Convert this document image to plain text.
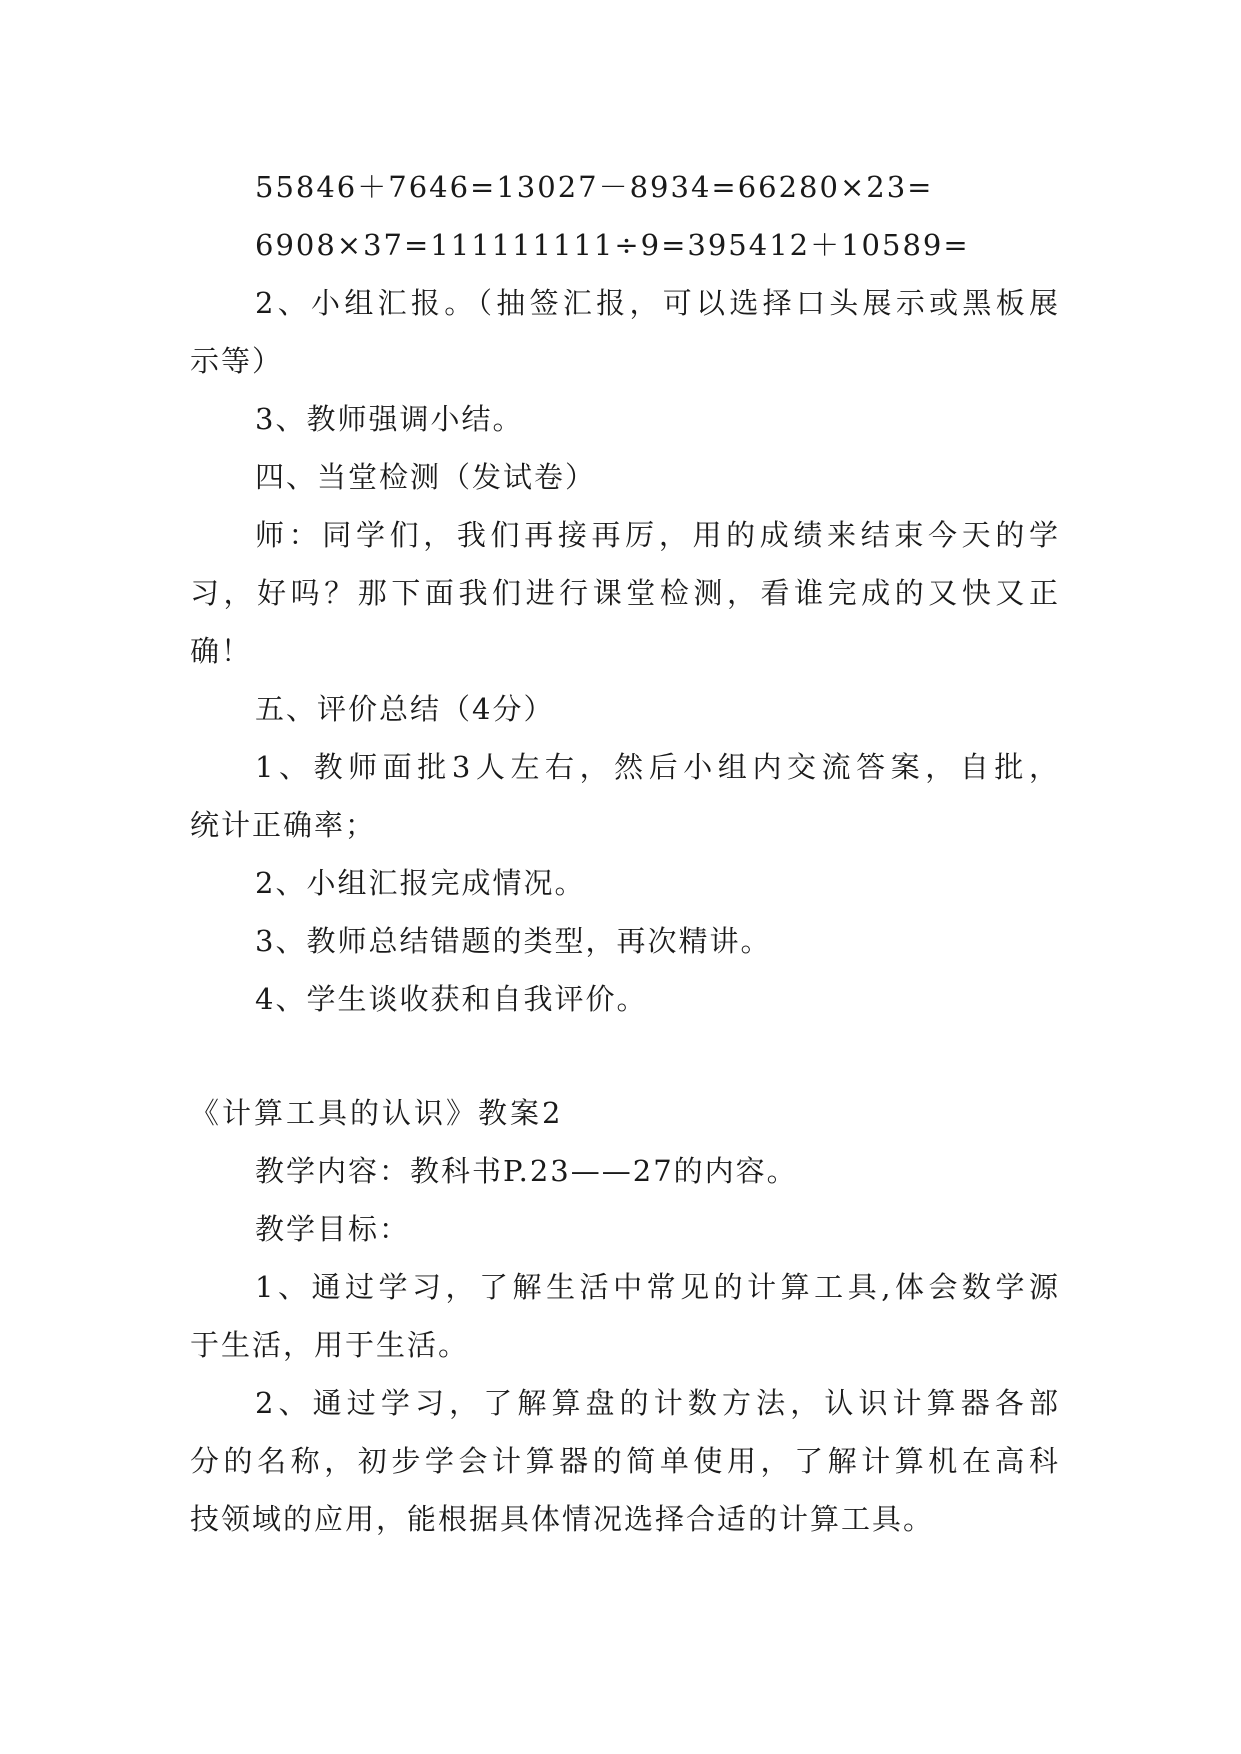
55846＋7646=13027－8934=66280×23=
6908×37=111111111÷9=395412＋10589=
2、小组汇报。（抽签汇报，可以选择口头展示或黑板展
示等）
3、教师强调小结。
四、当堂检测（发试卷）
师：同学们，我们再接再厉，用的成绩来结束今天的学
习，好吗？那下面我们进行课堂检测，看谁完成的又快又正
确！
五、评价总结（4分）
1、教师面批3人左右，然后小组内交流答案，自批，
统计正确率；
2、小组汇报完成情况。
3、教师总结错题的类型，再次精讲。
4、学生谈收获和自我评价。
《计算工具的认识》教案2
教学内容：教科书P.23——27的内容。
教学目标：
1、通过学习，了解生活中常见的计算工具,体会数学源
于生活，用于生活。
2、通过学习，了解算盘的计数方法，认识计算器各部
分的名称，初步学会计算器的简单使用，了解计算机在高科
技领域的应用，能根据具体情况选择合适的计算工具。
